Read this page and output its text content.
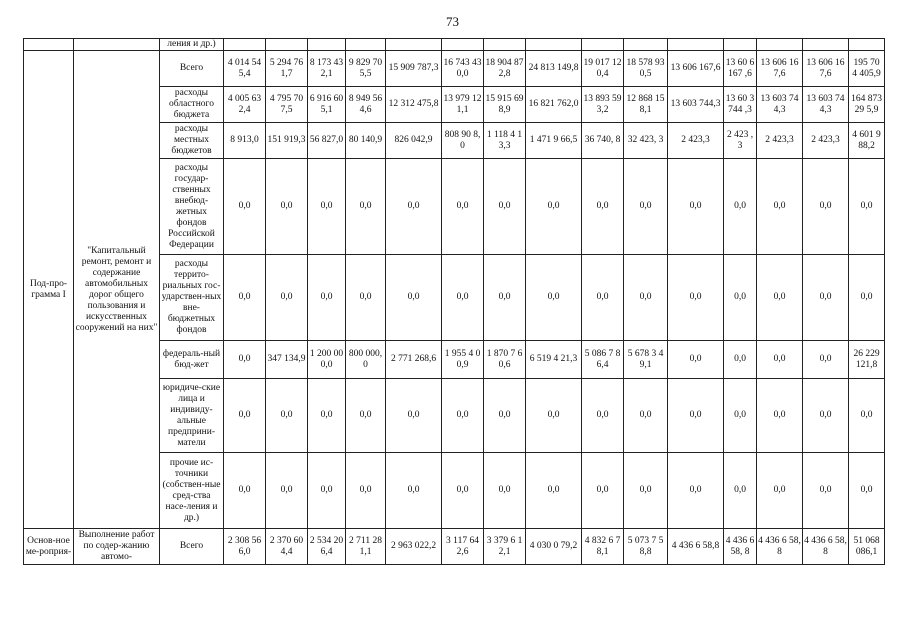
73
		ления и др.)															
Под-про-грамма I	"Капитальный ремонт, ремонт и содержание автомобильных дорог общего пользования и искусственных сооружений на них"	Всего	4 014 545,4	5 294 761,7	8 173 432,1	9 829 705,5	15 909 787,3	16 743 430,0	18 904 872,8	24 813 149,8	19 017 120,4	18 578 930,5	13 606 167,6	13 60 6 167 ,6	13 606 167,6	13 606 167,6	195 70 4 405,9
		расходы областного бюджета	4 005 632,4	4 795 707,5	6 916 605,1	8 949 564,6	12 312 475,8	13 979 121,1	15 915 698,9	16 821 762,0	13 893 593,2	12 868 158,1	13 603 744,3	13 60 3 744 ,3	13 603 744,3	13 603 744,3	164 873 29 5,9
		расходы местных бюджетов	8 913,0	151 919,3	56 827,0	80 140,9	826 042,9	808 90 8,0	1 118 4 13,3	1 471 9 66,5	36 740, 8	32 423, 3	2 423,3	2 423 ,3	2 423,3	2 423,3	4 601 9 88,2
		расходы государ-ственных внебюд-жетных фондов Российской Федерации	0,0	0,0	0,0	0,0	0,0	0,0	0,0	0,0	0,0	0,0	0,0	0,0	0,0	0,0	0,0
		расходы террито-риальных гос-ударствен-ных вне-бюджетных фондов	0,0	0,0	0,0	0,0	0,0	0,0	0,0	0,0	0,0	0,0	0,0	0,0	0,0	0,0	0,0
		федераль-ный бюд-жет	0,0	347 134,9	1 200 000,0	800 000,0	2 771 268,6	1 955 4 00,9	1 870 7 60,6	6 519 4 21,3	5 086 7 86,4	5 678 3 49,1	0,0	0,0	0,0	0,0	26 229 121,8
		юридиче-ские лица и индивиду-альные предприни-матели	0,0	0,0	0,0	0,0	0,0	0,0	0,0	0,0	0,0	0,0	0,0	0,0	0,0	0,0	0,0
		прочие ис-точники (собствен-ные сред-ства насе-ления и др.)	0,0	0,0	0,0	0,0	0,0	0,0	0,0	0,0	0,0	0,0	0,0	0,0	0,0	0,0	0,0
Основ-ное ме-роприя-	Выполнение работ по содер-жанию автомо-	Всего	2 308 566,0	2 370 604,4	2 534 206,4	2 711 281,1	2 963 022,2	3 117 642,6	3 379 6 12,1	4 030 0 79,2	4 832 6 78,1	5 073 7 58,8	4 436 6 58,8	4 436 658, 8	4 436 6 58,8	4 436 6 58,8	51 068 086,1
